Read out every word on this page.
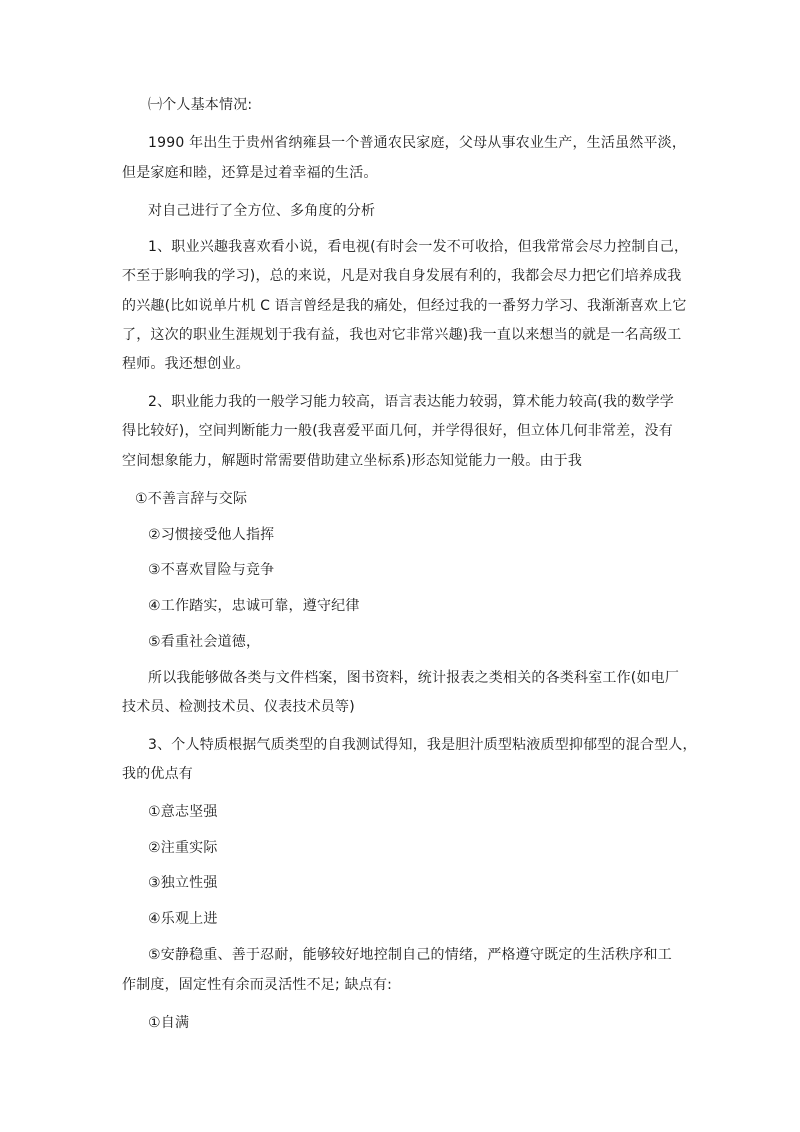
㈠个人基本情况:
1990 年出生于贵州省纳雍县一个普通农民家庭，父母从事农业生产，生活虽然平淡，
但是家庭和睦，还算是过着幸福的生活。
对自己进行了全方位、多角度的分析
1、职业兴趣我喜欢看小说，看电视(有时会一发不可收拾，但我常常会尽力控制自己，
不至于影响我的学习)，总的来说，凡是对我自身发展有利的，我都会尽力把它们培养成我
的兴趣(比如说单片机 C 语言曾经是我的痛处，但经过我的一番努力学习、我渐渐喜欢上它
了，这次的职业生涯规划于我有益，我也对它非常兴趣)我一直以来想当的就是一名高级工
程师。我还想创业。
2、职业能力我的一般学习能力较高，语言表达能力较弱，算术能力较高(我的数学学
得比较好)，空间判断能力一般(我喜爱平面几何，并学得很好，但立体几何非常差，没有
空间想象能力，解题时常需要借助建立坐标系)形态知觉能力一般。由于我
①不善言辞与交际
②习惯接受他人指挥
③不喜欢冒险与竞争
④工作踏实，忠诚可靠，遵守纪律
⑤看重社会道德，
所以我能够做各类与文件档案，图书资料，统计报表之类相关的各类科室工作(如电厂
技术员、检测技术员、仪表技术员等)
3、个人特质根据气质类型的自我测试得知，我是胆汁质型粘液质型抑郁型的混合型人，
我的优点有
①意志坚强
②注重实际
③独立性强
④乐观上进
⑤安静稳重、善于忍耐，能够较好地控制自己的情绪，严格遵守既定的生活秩序和工
作制度，固定性有余而灵活性不足; 缺点有:
①自满
